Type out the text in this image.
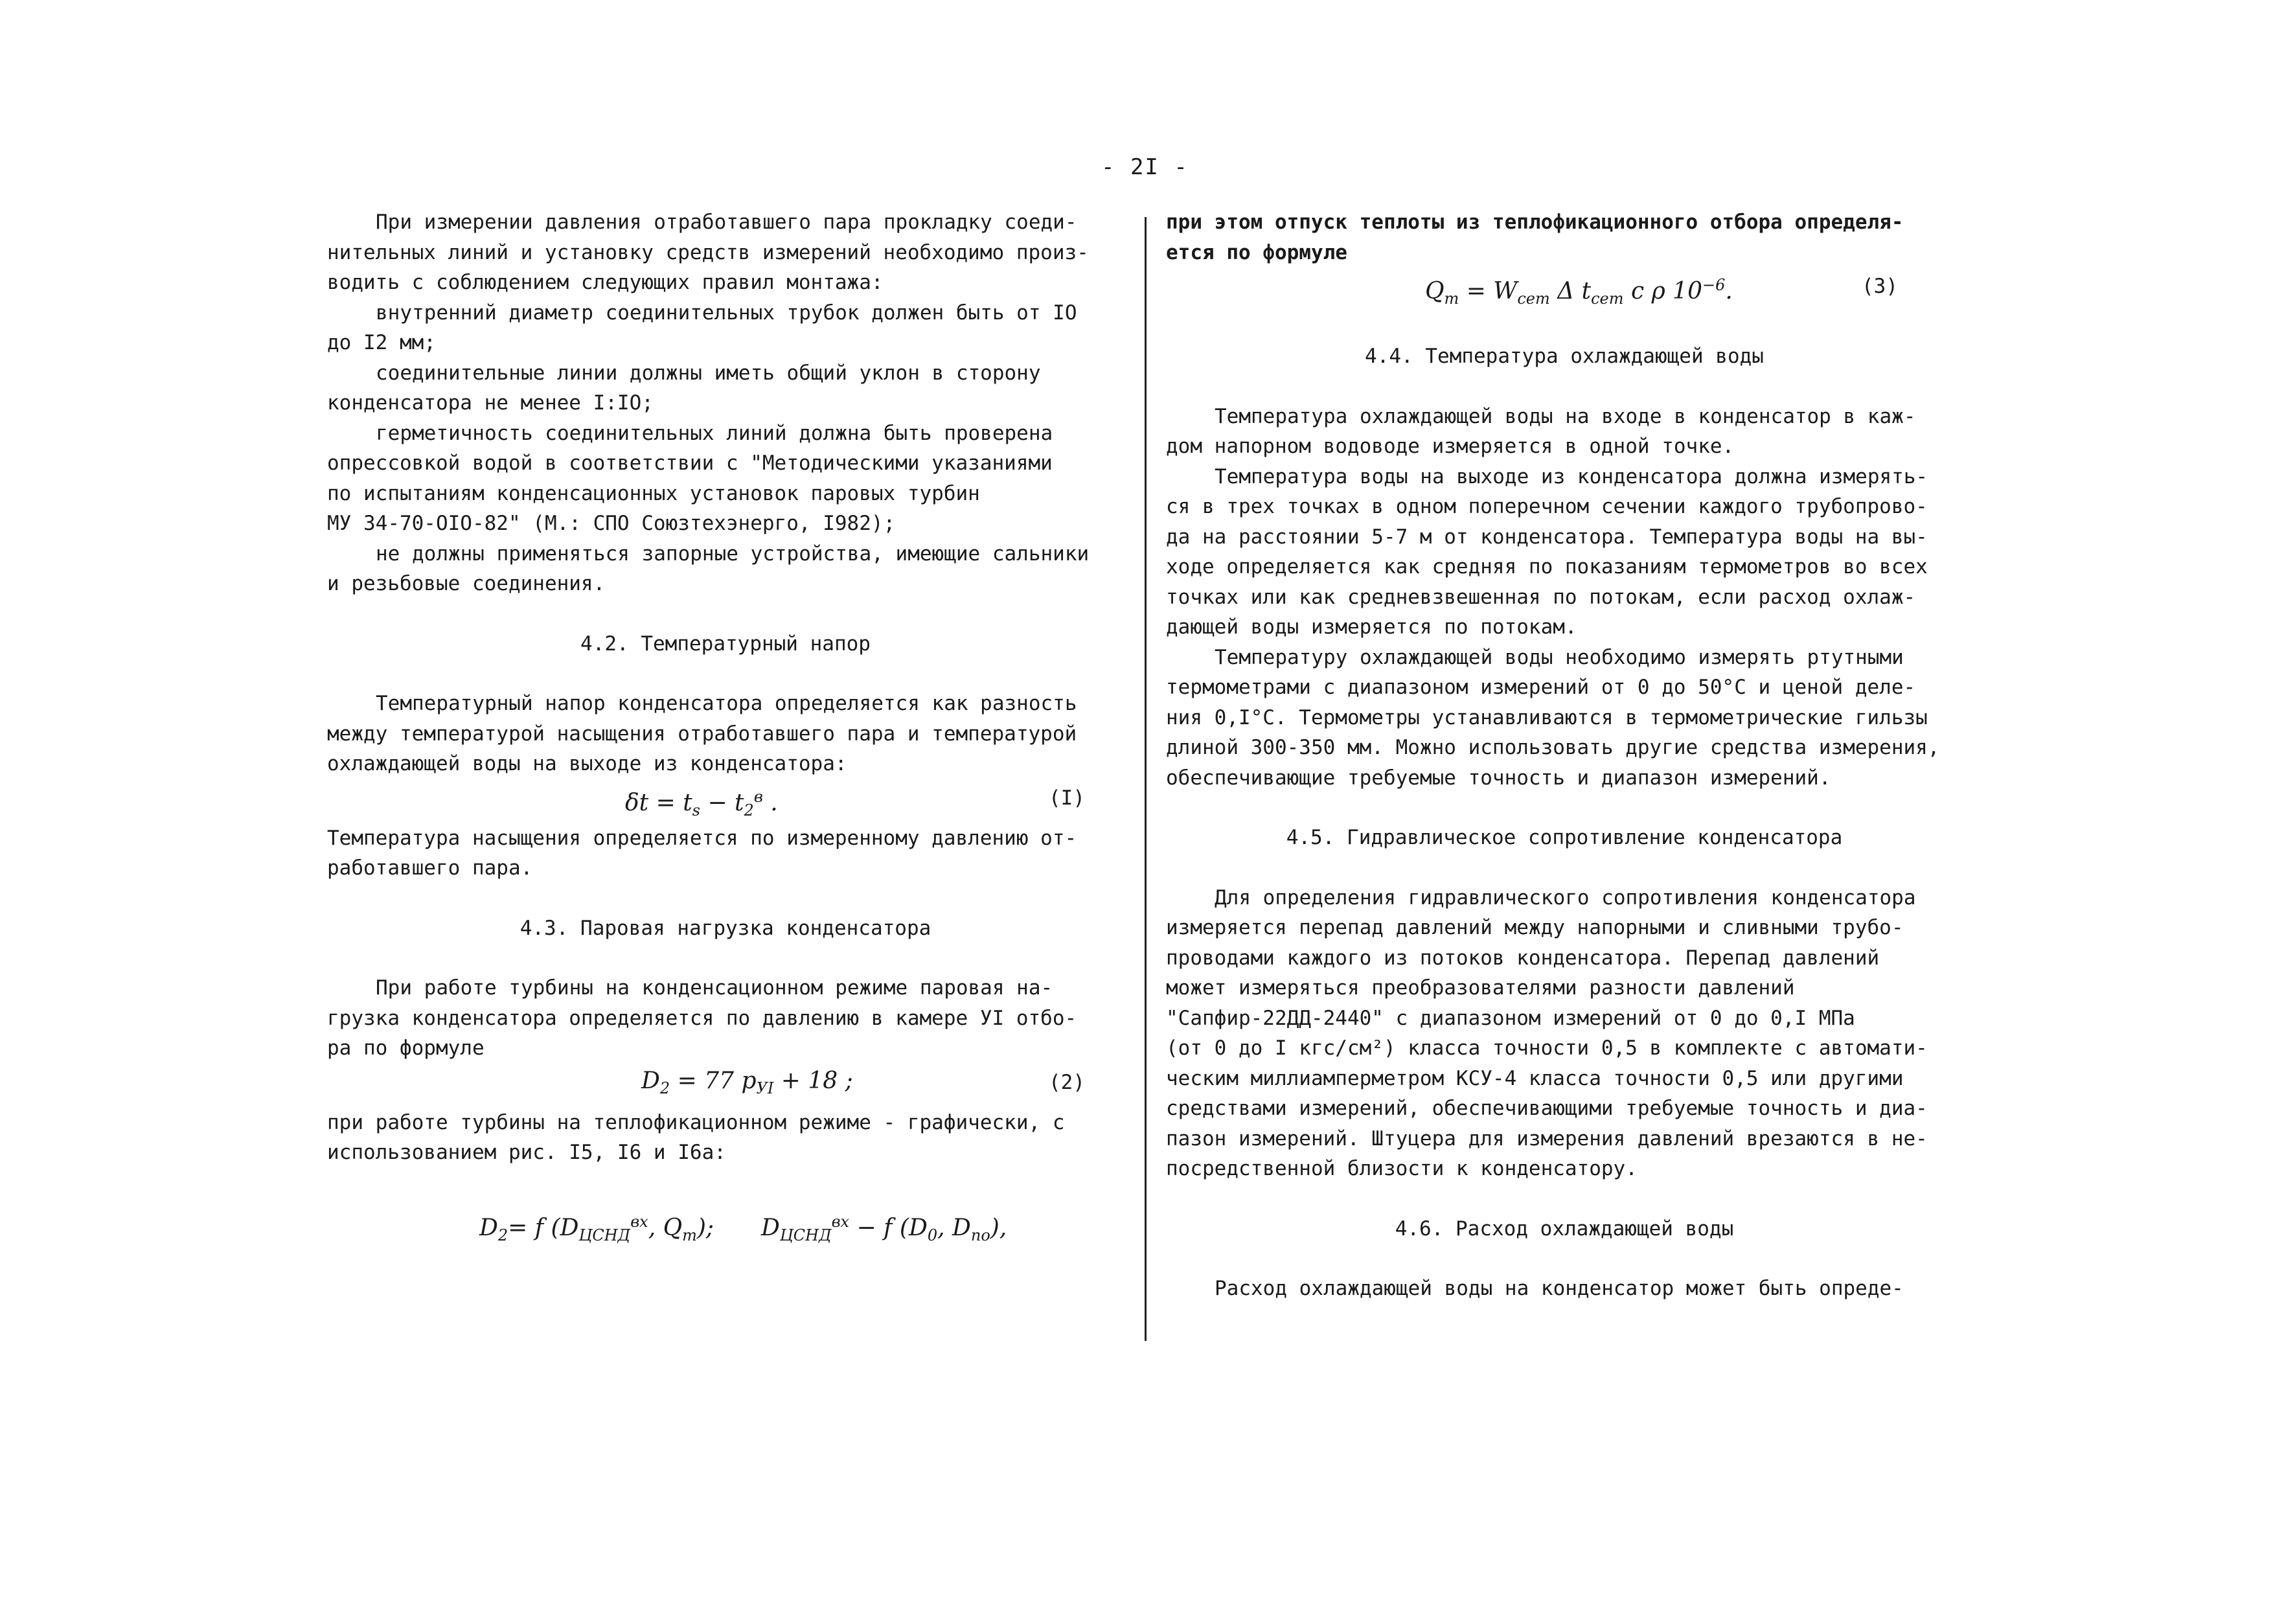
- 2I -

При измерении давления отработавшего пара прокладку соеди-

нительных линий и установку средств измерений необходимо произ-

водить с соблюдением следующих правил монтажа:

внутренний диаметр соединительных трубок должен быть от IO

до I2 мм;

соединительные линии должны иметь общий уклон в сторону

конденсатора не менее I:IO;

герметичность соединительных линий должна быть проверена

опрессовкой водой в соответствии с "Методическими указаниями

по испытаниям конденсационных установок паровых турбин

МУ 34-70-OIO-82" (М.: СПО Союзтехэнерго, I982);

не должны применяться запорные устройства, имеющие сальники

и резьбовые соединения.

4.2. Температурный напор

Температурный напор конденсатора определяется как разность

между температурой насыщения отработавшего пара и температурой

охлаждающей воды на выходе из конденсатора:

$\delta t = t_s - t_2^в$ .	(I)

Температура насыщения определяется по измеренному давлению от-

работавшего пара.

4.3. Паровая нагрузка конденсатора

При работе турбины на конденсационном режиме паровая на-

грузка конденсатора определяется по давлению в камере УI отбо-

ра по формуле

$D_2 = 77$ $p_{УI} + 18$ ;	(2)

при работе турбины на теплофикационном режиме - графически, с

использованием рис. I5, I6 и I6а:

$D_2= f$ ($D_{ЦСНД}^{вх}$, $Q_т$); $D_{ЦСНД}^{вх} - f$ ($D_0$, $D_{по}$),

при этом отпуск теплоты из теплофикационного отбора определя-

ется по формуле

$Q_т = W_{сет}$ Δ $t_{сет}$ c ρ $10^{-6}$.	(3)

4.4. Температура охлаждающей воды

Температура охлаждающей воды на входе в конденсатор в каж-

дом напорном водоводе измеряется в одной точке.

Температура воды на выходе из конденсатора должна измерять-

ся в трех точках в одном поперечном сечении каждого трубопрово-

да на расстоянии 5-7 м от конденсатора. Температура воды на вы-

ходе определяется как средняя по показаниям термометров во всех

точках или как средневзвешенная по потокам, если расход охлаж-

дающей воды измеряется по потокам.

Температуру охлаждающей воды необходимо измерять ртутными

термометрами с диапазоном измерений от 0 до 50°С и ценой деле-

ния 0,I°С. Термометры устанавливаются в термометрические гильзы

длиной 300-350 мм. Можно использовать другие средства измерения,

обеспечивающие требуемые точность и диапазон измерений.

4.5. Гидравлическое сопротивление конденсатора

Для определения гидравлического сопротивления конденсатора

измеряется перепад давлений между напорными и сливными трубо-

проводами каждого из потоков конденсатора. Перепад давлений

может измеряться преобразователями разности давлений

"Сапфир-22ДД-2440" с диапазоном измерений от 0 до 0,I МПа

(от 0 до I кгс/см²) класса точности 0,5 в комплекте с автомати-

ческим миллиамперметром КСУ-4 класса точности 0,5 или другими

средствами измерений, обеспечивающими требуемые точность и диа-

пазон измерений. Штуцера для измерения давлений врезаются в не-

посредственной близости к конденсатору.

4.6. Расход охлаждающей воды

Расход охлаждающей воды на конденсатор может быть опреде-
